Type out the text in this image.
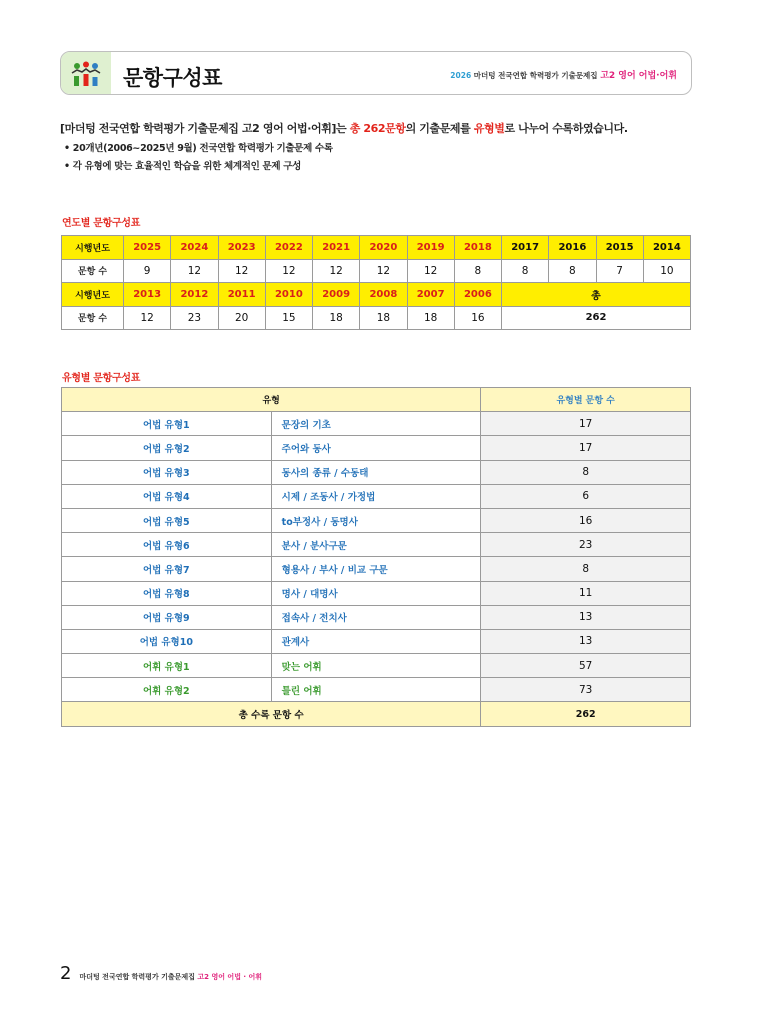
문항구성표	2026 마더텅 전국연합 학력평가 기출문제집 고2 영어 어법·어휘
[마더텅 전국연합 학력평가 기출문제집 고2 영어 어법·어휘]는 총 262문항의 기출문제를 유형별로 나누어 수록하였습니다.
• 20개년(2006~2025년 9월) 전국연합 학력평가 기출문제 수록
• 각 유형에 맞는 효율적인 학습을 위한 체계적인 문제 구성
연도별 문항구성표
시행년도	2025	2024	2023	2022	2021	2020	2019	2018	2017	2016	2015	2014
문항 수	9	12	12	12	12	12	12	8	8	8	7	10
시행년도	2013	2012	2011	2010	2009	2008	2007	2006	총			
문항 수	12	23	20	15	18	18	18	16	262			
유형별 문항구성표
유형		유형별 문항 수
어법 유형1	문장의 기초	17
어법 유형2	주어와 동사	17
어법 유형3	동사의 종류 / 수동태	8
어법 유형4	시제 / 조동사 / 가정법	6
어법 유형5	to부정사 / 동명사	16
어법 유형6	분사 / 분사구문	23
어법 유형7	형용사 / 부사 / 비교 구문	8
어법 유형8	명사 / 대명사	11
어법 유형9	접속사 / 전치사	13
어법 유형10	관계사	13
어휘 유형1	맞는 어휘	57
어휘 유형2	틀린 어휘	73
총 수록 문항 수		262
2 마더텅 전국연합 학력평가 기출문제집 고2 영어 어법 · 어휘
